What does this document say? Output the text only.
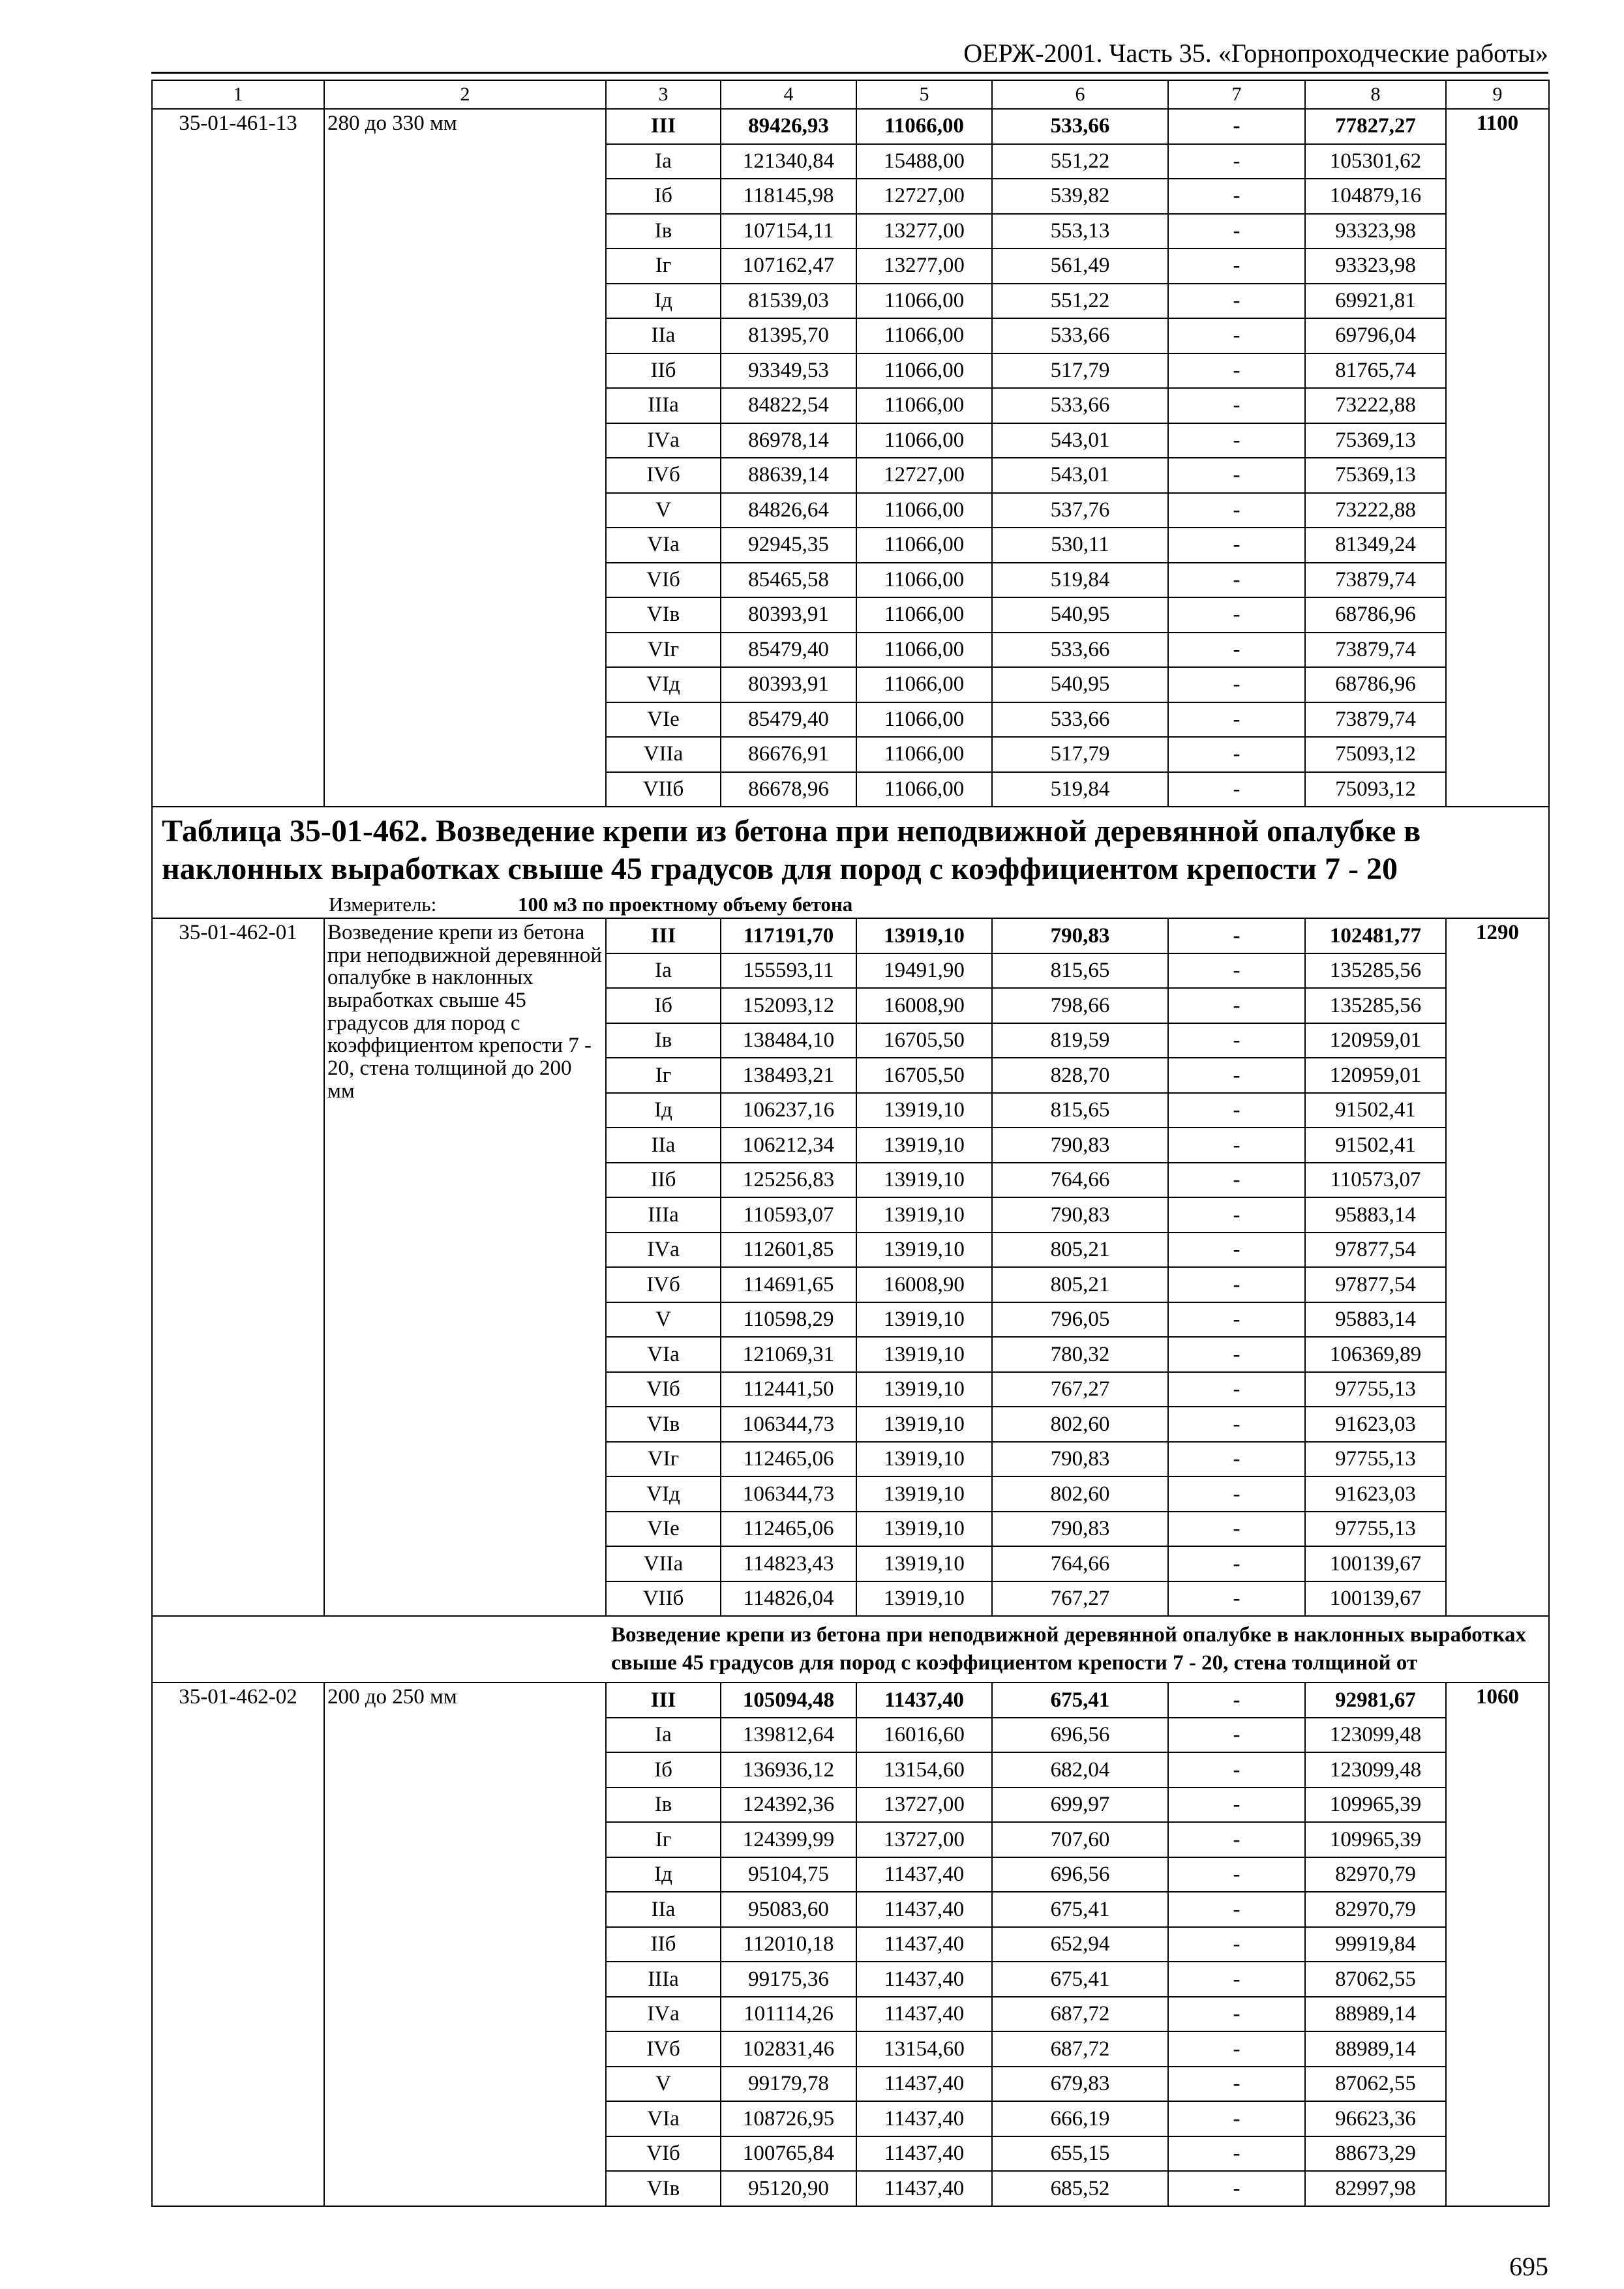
ОЕРЖ-2001. Часть 35. «Горнопроходческие работы»
1	2	3	4	5	6	7	8	9
35-01-461-13	280 до 330 мм	III	89426,93	11066,00	533,66	-	77827,27	1100
		Iа	121340,84	15488,00	551,22	-	105301,62	
		Iб	118145,98	12727,00	539,82	-	104879,16	
		Iв	107154,11	13277,00	553,13	-	93323,98	
		Iг	107162,47	13277,00	561,49	-	93323,98	
		Iд	81539,03	11066,00	551,22	-	69921,81	
		IIа	81395,70	11066,00	533,66	-	69796,04	
		IIб	93349,53	11066,00	517,79	-	81765,74	
		IIIа	84822,54	11066,00	533,66	-	73222,88	
		IVа	86978,14	11066,00	543,01	-	75369,13	
		IVб	88639,14	12727,00	543,01	-	75369,13	
		V	84826,64	11066,00	537,76	-	73222,88	
		VIа	92945,35	11066,00	530,11	-	81349,24	
		VIб	85465,58	11066,00	519,84	-	73879,74	
		VIв	80393,91	11066,00	540,95	-	68786,96	
		VIг	85479,40	11066,00	533,66	-	73879,74	
		VIд	80393,91	11066,00	540,95	-	68786,96	
		VIе	85479,40	11066,00	533,66	-	73879,74	
		VIIа	86676,91	11066,00	517,79	-	75093,12	
		VIIб	86678,96	11066,00	519,84	-	75093,12	

Таблица 35-01-462. Возведение крепи из бетона при неподвижной деревянной опалубке в наклонных выработках свыше 45 градусов для пород с коэффициентом крепости 7 - 20								

Измеритель: 100 м3 по проектному объему бетона								
35-01-462-01	Возведение крепи из бетона при неподвижной деревянной опалубке в наклонных выработках свыше 45 градусов для пород с коэффициентом крепости 7 - 20, стена толщиной до 200 мм	III	117191,70	13919,10	790,83	-	102481,77	1290
		Iа	155593,11	19491,90	815,65	-	135285,56	
		Iб	152093,12	16008,90	798,66	-	135285,56	
		Iв	138484,10	16705,50	819,59	-	120959,01	
		Iг	138493,21	16705,50	828,70	-	120959,01	
		Iд	106237,16	13919,10	815,65	-	91502,41	
		IIа	106212,34	13919,10	790,83	-	91502,41	
		IIб	125256,83	13919,10	764,66	-	110573,07	
		IIIа	110593,07	13919,10	790,83	-	95883,14	
		IVа	112601,85	13919,10	805,21	-	97877,54	
		IVб	114691,65	16008,90	805,21	-	97877,54	
		V	110598,29	13919,10	796,05	-	95883,14	
		VIа	121069,31	13919,10	780,32	-	106369,89	
		VIб	112441,50	13919,10	767,27	-	97755,13	
		VIв	106344,73	13919,10	802,60	-	91623,03	
		VIг	112465,06	13919,10	790,83	-	97755,13	
		VIд	106344,73	13919,10	802,60	-	91623,03	
		VIе	112465,06	13919,10	790,83	-	97755,13	
		VIIа	114823,43	13919,10	764,66	-	100139,67	
		VIIб	114826,04	13919,10	767,27	-	100139,67	
		Возведение крепи из бетона при неподвижной деревянной опалубке в наклонных выработках свыше 45 градусов для пород с коэффициентом крепости 7 - 20, стена толщиной от						
35-01-462-02	200 до 250 мм	III	105094,48	11437,40	675,41	-	92981,67	1060
		Iа	139812,64	16016,60	696,56	-	123099,48	
		Iб	136936,12	13154,60	682,04	-	123099,48	
		Iв	124392,36	13727,00	699,97	-	109965,39	
		Iг	124399,99	13727,00	707,60	-	109965,39	
		Iд	95104,75	11437,40	696,56	-	82970,79	
		IIа	95083,60	11437,40	675,41	-	82970,79	
		IIб	112010,18	11437,40	652,94	-	99919,84	
		IIIа	99175,36	11437,40	675,41	-	87062,55	
		IVа	101114,26	11437,40	687,72	-	88989,14	
		IVб	102831,46	13154,60	687,72	-	88989,14	
		V	99179,78	11437,40	679,83	-	87062,55	
		VIа	108726,95	11437,40	666,19	-	96623,36	
		VIб	100765,84	11437,40	655,15	-	88673,29	
		VIв	95120,90	11437,40	685,52	-	82997,98	
695
